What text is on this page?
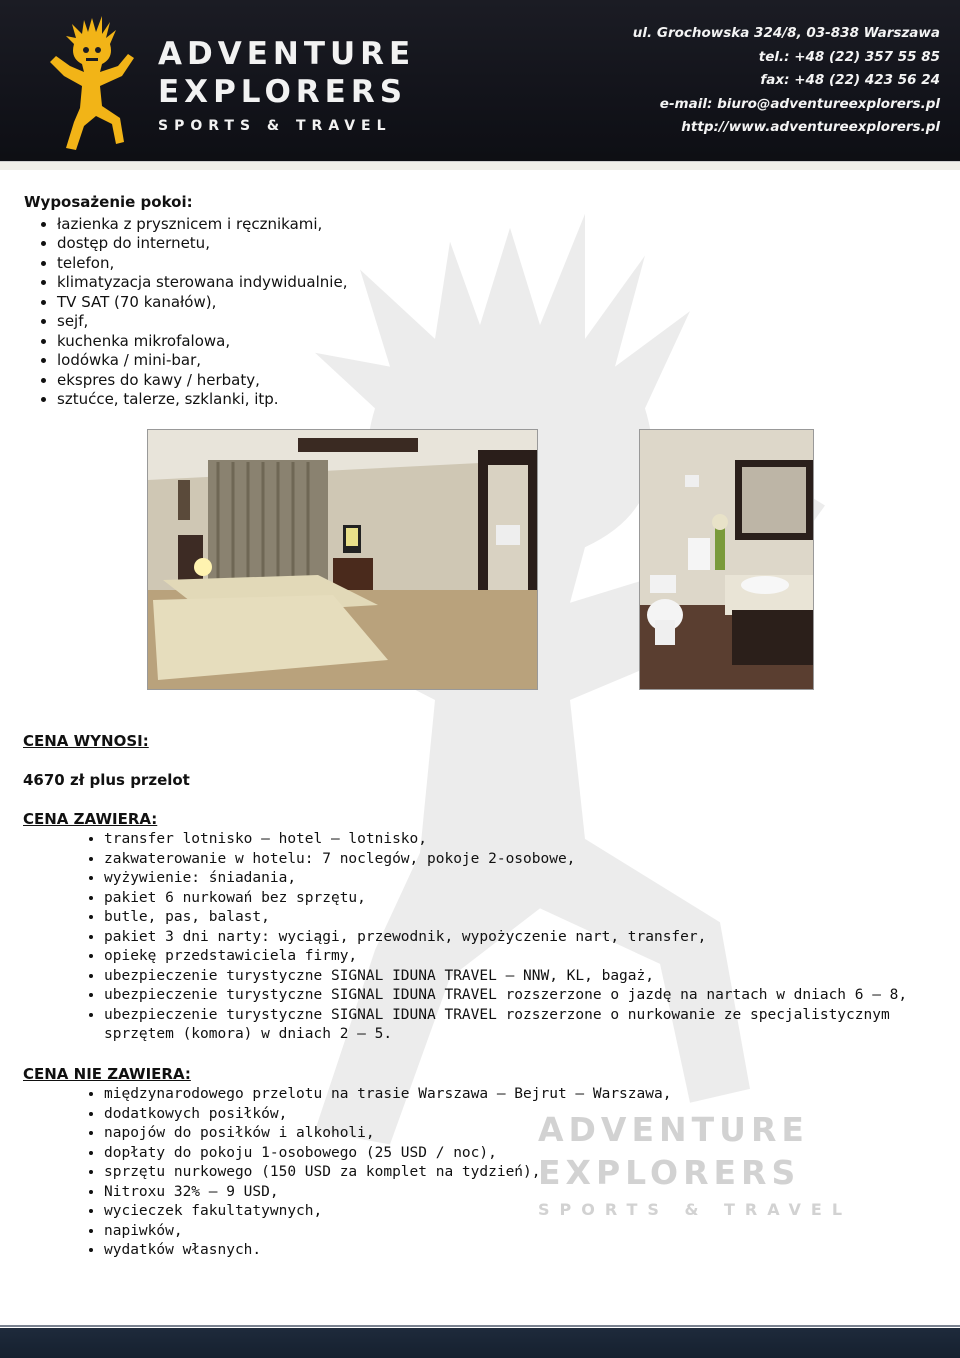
ADVENTURE
EXPLORERS
SPORTS & TRAVEL
ul. Grochowska 324/8, 03-838 Warszawa
tel.: +48 (22) 357 55 85
fax: +48 (22) 423 56 24
e-mail: biuro@adventureexplorers.pl
http://www.adventureexplorers.pl
ADVENTURE
EXPLORERS
SPORTS & TRAVEL
Wyposażenie pokoi:
• łazienka z prysznicem i ręcznikami,
• dostęp do internetu,
• telefon,
• klimatyzacja sterowana indywidualnie,
• TV SAT (70 kanałów),
• sejf,
• kuchenka mikrofalowa,
• lodówka / mini-bar,
• ekspres do kawy / herbaty,
• sztućce, talerze, szklanki, itp.
CENA WYNOSI:
4670 zł plus przelot
CENA ZAWIERA:
• transfer lotnisko – hotel – lotnisko,
• zakwaterowanie w hotelu: 7 noclegów, pokoje 2-osobowe,
• wyżywienie: śniadania,
• pakiet 6 nurkowań bez sprzętu,
• butle, pas, balast,
• pakiet 3 dni narty: wyciągi, przewodnik, wypożyczenie nart, transfer,
• opiekę przedstawiciela firmy,
• ubezpieczenie turystyczne SIGNAL IDUNA TRAVEL – NNW, KL, bagaż,
• ubezpieczenie turystyczne SIGNAL IDUNA TRAVEL rozszerzone o jazdę na nartach w dniach 6 – 8,
• ubezpieczenie turystyczne SIGNAL IDUNA TRAVEL rozszerzone o nurkowanie ze specjalistycznym sprzętem (komora) w dniach 2 – 5.
CENA NIE ZAWIERA:
• międzynarodowego przelotu na trasie Warszawa – Bejrut – Warszawa,
• dodatkowych posiłków,
• napojów do posiłków i alkoholi,
• dopłaty do pokoju 1-osobowego (25 USD / noc),
• sprzętu nurkowego (150 USD za komplet na tydzień),
• Nitroxu 32% – 9 USD,
• wycieczek fakultatywnych,
• napiwków,
• wydatków własnych.
